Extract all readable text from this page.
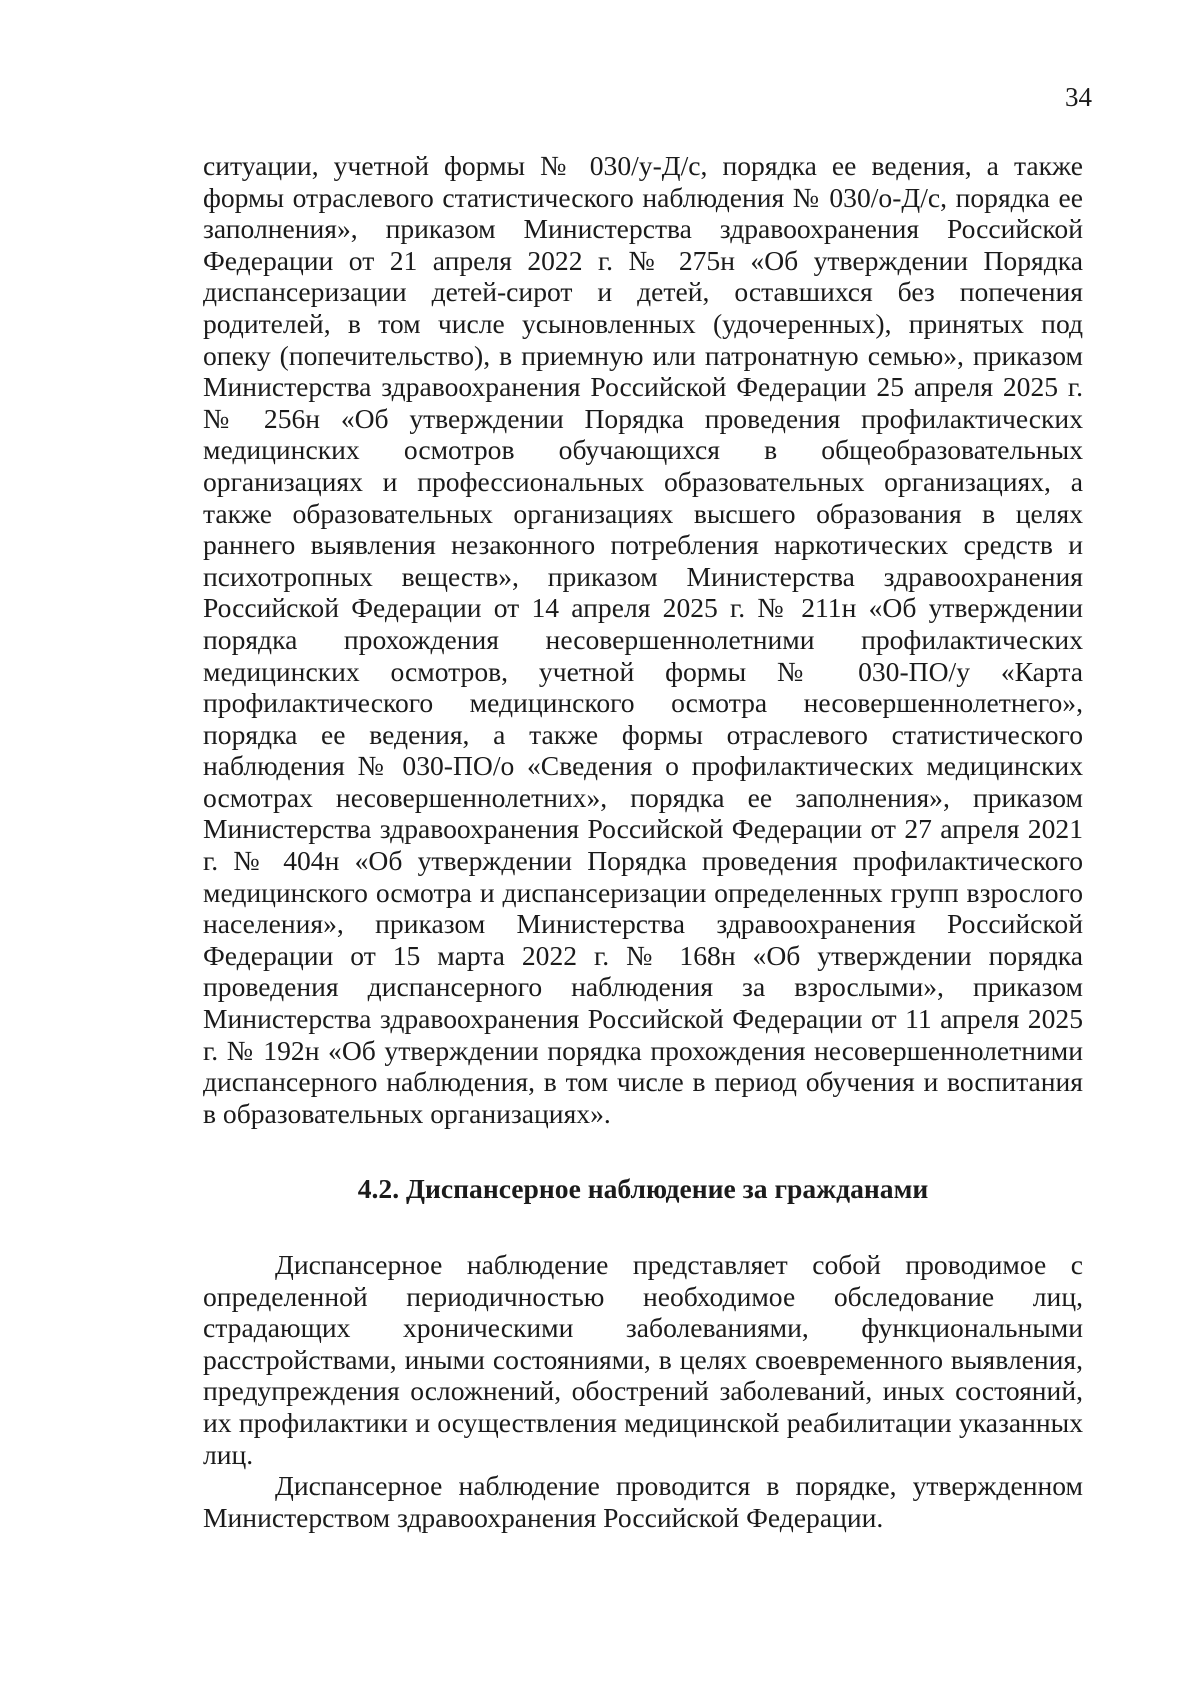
34

ситуации, учетной формы № 030/у-Д/с, порядка ее ведения, а также формы отраслевого статистического наблюдения № 030/о-Д/с, порядка ее заполнения», приказом Министерства здравоохранения Российской Федерации от 21 апреля 2022 г. № 275н «Об утверждении Порядка диспансеризации детей-сирот и детей, оставшихся без попечения родителей, в том числе усыновленных (удочеренных), принятых под опеку (попечительство), в приемную или патронатную семью», приказом Министерства здравоохранения Российской Федерации 25 апреля 2025 г. № 256н «Об утверждении Порядка проведения профилактических медицинских осмотров обучающихся в общеобразовательных организациях и профессиональных образовательных организациях, а также образовательных организациях высшего образования в целях раннего выявления незаконного потребления наркотических средств и психотропных веществ», приказом Министерства здравоохранения Российской Федерации от 14 апреля 2025 г. № 211н «Об утверждении порядка прохождения несовершеннолетними профилактических медицинских осмотров, учетной формы № 030-ПО/у «Карта профилактического медицинского осмотра несовершеннолетнего», порядка ее ведения, а также формы отраслевого статистического наблюдения № 030-ПО/о «Сведения о профилактических медицинских осмотрах несовершеннолетних», порядка ее заполнения», приказом Министерства здравоохранения Российской Федерации от 27 апреля 2021 г. № 404н «Об утверждении Порядка проведения профилактического медицинского осмотра и диспансеризации определенных групп взрослого населения», приказом Министерства здравоохранения Российской Федерации от 15 марта 2022 г. № 168н «Об утверждении порядка проведения диспансерного наблюдения за взрослыми», приказом Министерства здравоохранения Российской Федерации от 11 апреля 2025 г. № 192н «Об утверждении порядка прохождения несовершеннолетними диспансерного наблюдения, в том числе в период обучения и воспитания в образовательных организациях».

4.2. Диспансерное наблюдение за гражданами

Диспансерное наблюдение представляет собой проводимое с определенной периодичностью необходимое обследование лиц, страдающих хроническими заболеваниями, функциональными расстройствами, иными состояниями, в целях своевременного выявления, предупреждения осложнений, обострений заболеваний, иных состояний, их профилактики и осуществления медицинской реабилитации указанных лиц.

Диспансерное наблюдение проводится в порядке, утвержденном Министерством здравоохранения Российской Федерации.
